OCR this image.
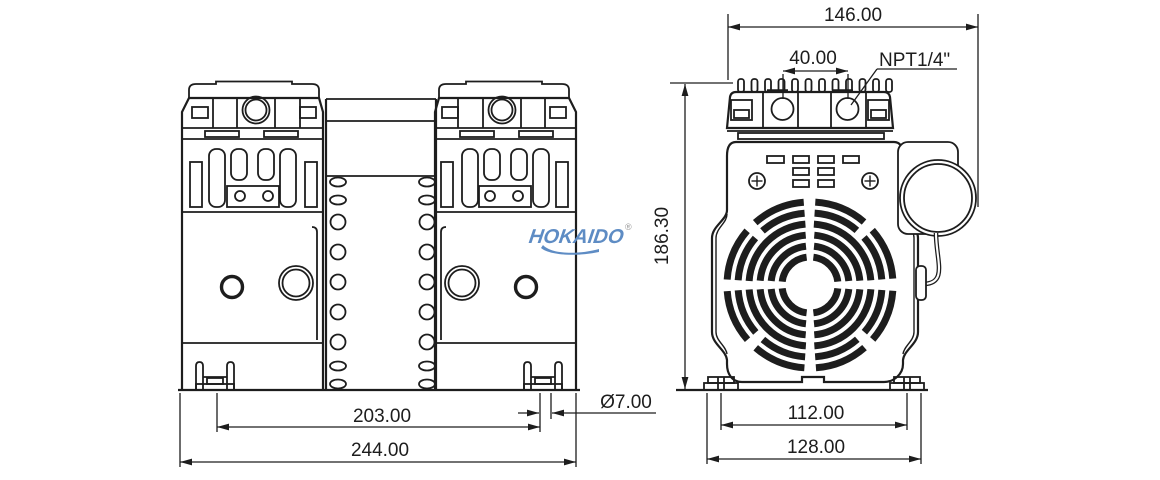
203.00
244.00
Ø7.00
146.00
40.00 NPT1/4"
186.30
112.00
128.00
HOKAIDO ®
